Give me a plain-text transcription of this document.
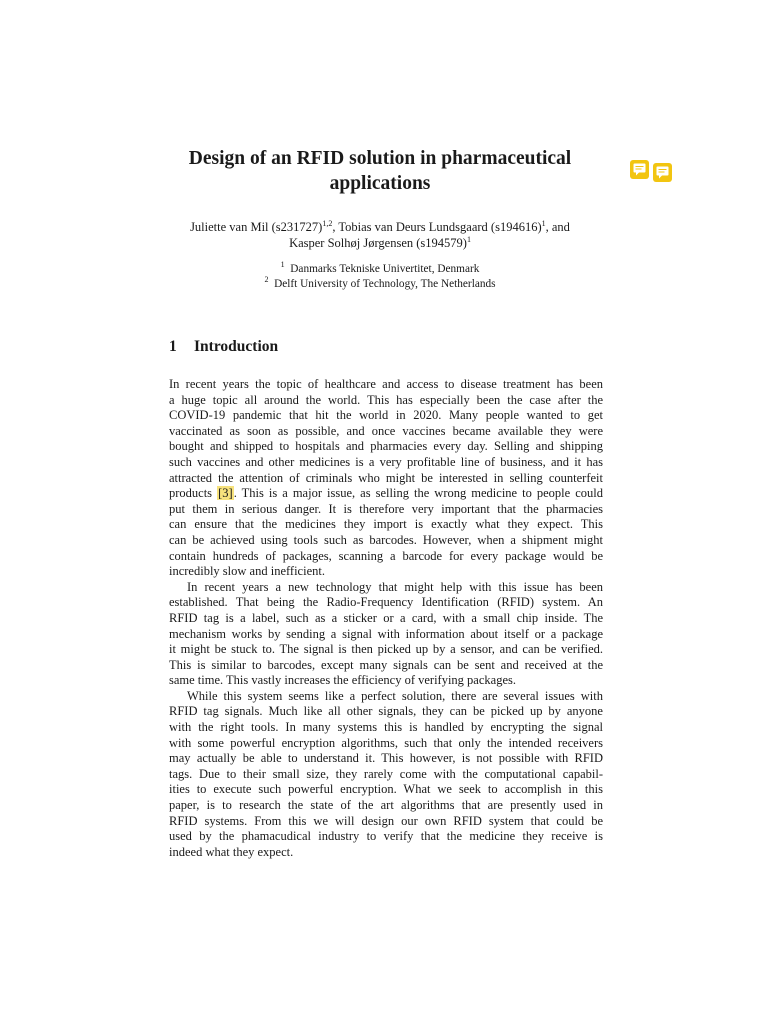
Design of an RFID solution in pharmaceutical
applications
Juliette van Mil $(s231727)^{1,2}$, Tobias van Deurs Lundsgaard $(s194616)^1$, and
Kasper Solhøj Jørgensen $(s194579)^1$
$^1$ Danmarks Tekniske Univertitet, Denmark
$^2$ Delft University of Technology, The Netherlands
1 Introduction
In recent years the topic of healthcare and access to disease treatment has been
a huge topic all around the world. This has especially been the case after the
COVID-19 pandemic that hit the world in 2020. Many people wanted to get
vaccinated as soon as possible, and once vaccines became available they were
bought and shipped to hospitals and pharmacies every day. Selling and shipping
such vaccines and other medicines is a very profitable line of business, and it has
attracted the attention of criminals who might be interested in selling counterfeit
products [3]. This is a major issue, as selling the wrong medicine to people could
put them in serious danger. It is therefore very important that the pharmacies
can ensure that the medicines they import is exactly what they expect. This
can be achieved using tools such as barcodes. However, when a shipment might
contain hundreds of packages, scanning a barcode for every package would be
incredibly slow and inefficient.
In recent years a new technology that might help with this issue has been
established. That being the Radio-Frequency Identification (RFID) system. An
RFID tag is a label, such as a sticker or a card, with a small chip inside. The
mechanism works by sending a signal with information about itself or a package
it might be stuck to. The signal is then picked up by a sensor, and can be verified.
This is similar to barcodes, except many signals can be sent and received at the
same time. This vastly increases the efficiency of verifying packages.
While this system seems like a perfect solution, there are several issues with
RFID tag signals. Much like all other signals, they can be picked up by anyone
with the right tools. In many systems this is handled by encrypting the signal
with some powerful encryption algorithms, such that only the intended receivers
may actually be able to understand it. This however, is not possible with RFID
tags. Due to their small size, they rarely come with the computational capabil-
ities to execute such powerful encryption. What we seek to accomplish in this
paper, is to research the state of the art algorithms that are presently used in
RFID systems. From this we will design our own RFID system that could be
used by the phamacudical industry to verify that the medicine they receive is
indeed what they expect.
